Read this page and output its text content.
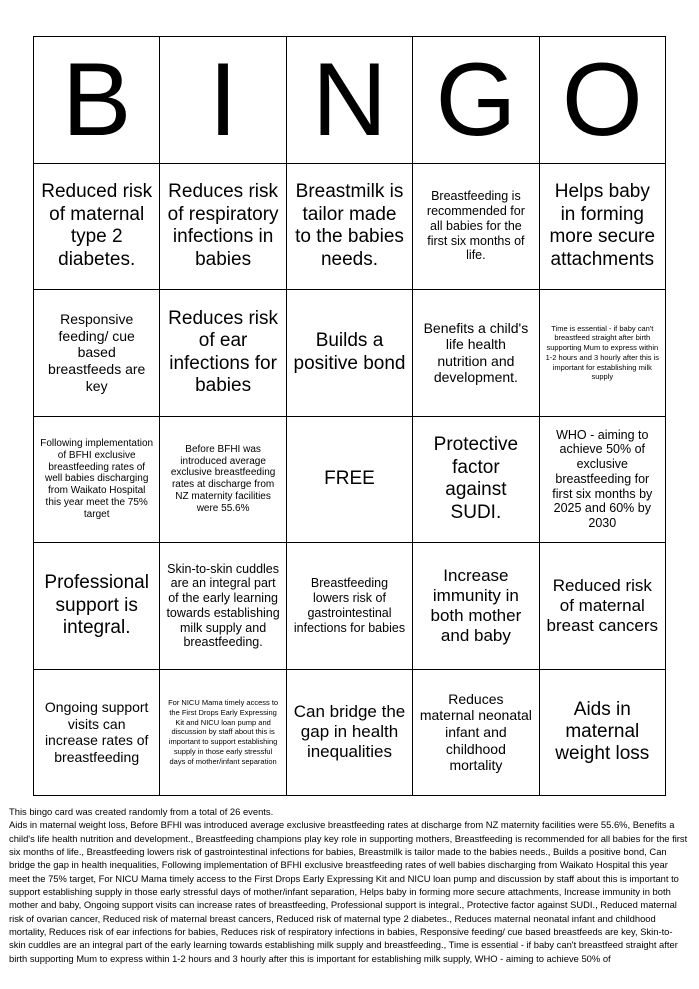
B I N G O
Reduced risk of maternal type 2 diabetes.
Reduces risk of respiratory infections in babies
Breastmilk is tailor made to the babies needs.
Breastfeeding is recommended for all babies for the first six months of life.
Helps baby in forming more secure attachments
Responsive feeding/ cue based breastfeeds are key
Reduces risk of ear infections for babies
Builds a positive bond
Benefits a child's life health nutrition and development.
Time is essential - if baby can't breastfeed straight after birth supporting Mum to express within 1-2 hours and 3 hourly after this is important for establishing milk supply
Following implementation of BFHI exclusive breastfeeding rates of well babies discharging from Waikato Hospital this year meet the 75% target
Before BFHI was introduced average exclusive breastfeeding rates at discharge from NZ maternity facilities were 55.6%
FREE
Protective factor against SUDI.
WHO - aiming to achieve 50% of exclusive breastfeeding for first six months by 2025 and 60% by 2030
Professional support is integral.
Skin-to-skin cuddles are an integral part of the early learning towards establishing milk supply and breastfeeding.
Breastfeeding lowers risk of gastrointestinal infections for babies
Increase immunity in both mother and baby
Reduced risk of maternal breast cancers
Ongoing support visits can increase rates of breastfeeding
For NICU Mama timely access to the First Drops Early Expressing Kit and NICU loan pump and discussion by staff about this is important to support establishing supply in those early stressful days of mother/infant separation
Can bridge the gap in health inequalities
Reduces maternal neonatal infant and childhood mortality
Aids in maternal weight loss
This bingo card was created randomly from a total of 26 events.
Aids in maternal weight loss, Before BFHI was introduced average exclusive breastfeeding rates at discharge from NZ maternity facilities were 55.6%, Benefits a child's life health nutrition and development., Breastfeeding champions play key role in supporting mothers, Breastfeeding is recommended for all babies for the first six months of life., Breastfeeding lowers risk of gastrointestinal infections for babies, Breastmilk is tailor made to the babies needs., Builds a positive bond, Can bridge the gap in health inequalities, Following implementation of BFHI exclusive breastfeeding rates of well babies discharging from Waikato Hospital this year meet the 75% target, For NICU Mama timely access to the First Drops Early Expressing Kit and NICU loan pump and discussion by staff about this is important to support establishing supply in those early stressful days of mother/infant separation, Helps baby in forming more secure attachments, Increase immunity in both mother and baby, Ongoing support visits can increase rates of breastfeeding, Professional support is integral., Protective factor against SUDI., Reduced maternal risk of ovarian cancer, Reduced risk of maternal breast cancers, Reduced risk of maternal type 2 diabetes., Reduces maternal neonatal infant and childhood mortality, Reduces risk of ear infections for babies, Reduces risk of respiratory infections in babies, Responsive feeding/ cue based breastfeeds are key, Skin-to-skin cuddles are an integral part of the early learning towards establishing milk supply and breastfeeding., Time is essential - if baby can't breastfeed straight after birth supporting Mum to express within 1-2 hours and 3 hourly after this is important for establishing milk supply, WHO - aiming to achieve 50% of
